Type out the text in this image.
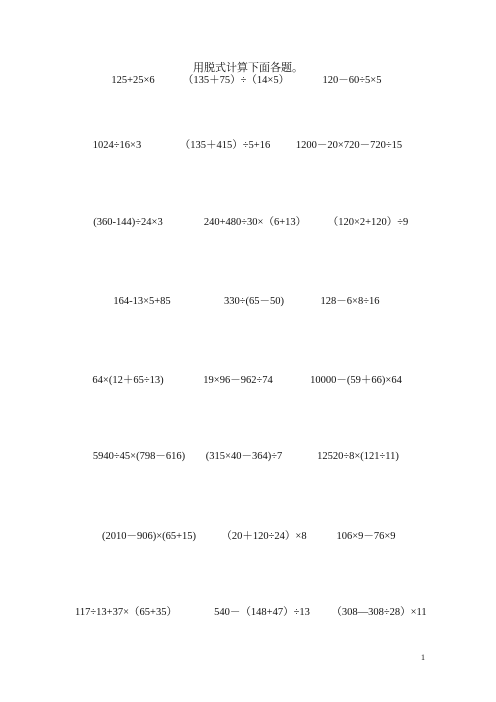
用脱式计算下面各题。
125+25×6	（135＋75）÷（14×5）	120－60÷5×5
1024÷16×3	（135＋415）÷5+16 1200－20×720－720÷15
(360-144)÷24×3	240+480÷30×（6+13） （120×2+120）÷9
164-13×5+85	330÷(65－50)	128－6×8÷16
64×(12＋65÷13)	19×96－962÷74	10000－(59＋66)×64
5940÷45×(798－616) (315×40－364)÷7	12520÷8×(121÷11)
(2010－906)×(65+15) （20＋120÷24）×8	106×9－76×9
117÷13+37×（65+35）	540－（148+47）÷13 （308—308÷28）×11
1
